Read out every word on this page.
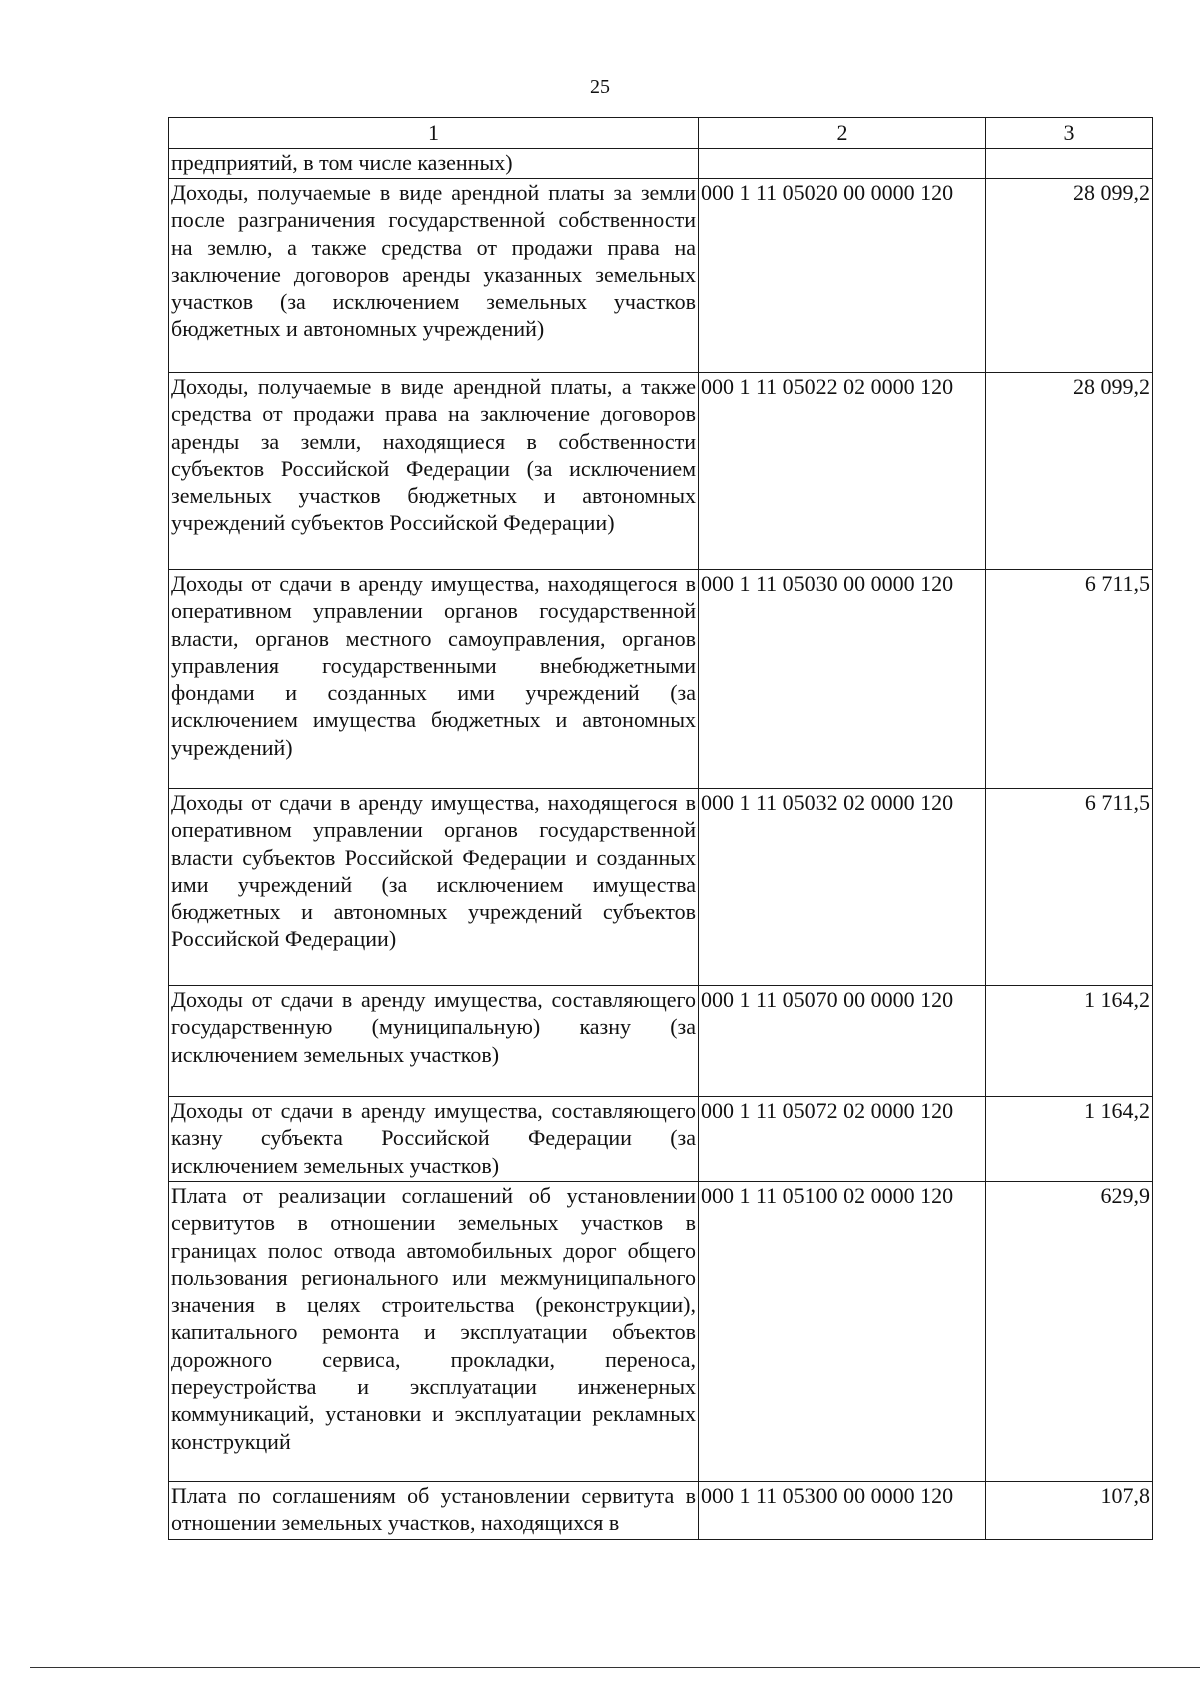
25
1	2	3
предприятий, в том числе казенных)		
Доходы, получаемые в виде арендной платы за земли после разграничения государственной собственности на землю, а также средства от продажи права на заключение договоров аренды указанных земельных участков (за исключением земельных участков бюджетных и автономных учреждений)	000 1 11 05020 00 0000 120	28 099,2
Доходы, получаемые в виде арендной платы, а также средства от продажи права на заключение договоров аренды за земли, находящиеся в собственности субъектов Российской Федерации (за исключением земельных участков бюджетных и автономных учреждений субъектов Российской Федерации)	000 1 11 05022 02 0000 120	28 099,2
Доходы от сдачи в аренду имущества, находящегося в оперативном управлении органов государственной власти, органов местного самоуправления, органов управления государственными внебюджетными фондами и созданных ими учреждений (за исключением имущества бюджетных и автономных учреждений)	000 1 11 05030 00 0000 120	6 711,5
Доходы от сдачи в аренду имущества, находящегося в оперативном управлении органов государственной власти субъектов Российской Федерации и созданных ими учреждений (за исключением имущества бюджетных и автономных учреждений субъектов Российской Федерации)	000 1 11 05032 02 0000 120	6 711,5
Доходы от сдачи в аренду имущества, составляющего государственную (муниципальную) казну (за исключением земельных участков)	000 1 11 05070 00 0000 120	1 164,2
Доходы от сдачи в аренду имущества, составляющего казну субъекта Российской Федерации (за исключением земельных участков)	000 1 11 05072 02 0000 120	1 164,2
Плата от реализации соглашений об установлении сервитутов в отношении земельных участков в границах полос отвода автомобильных дорог общего пользования регионального или межмуниципального значения в целях строительства (реконструкции), капитального ремонта и эксплуатации объектов дорожного сервиса, прокладки, переноса, переустройства и эксплуатации инженерных коммуникаций, установки и эксплуатации рекламных конструкций	000 1 11 05100 02 0000 120	629,9
Плата по соглашениям об установлении сервитута в отношении земельных участков, находящихся в	000 1 11 05300 00 0000 120	107,8
